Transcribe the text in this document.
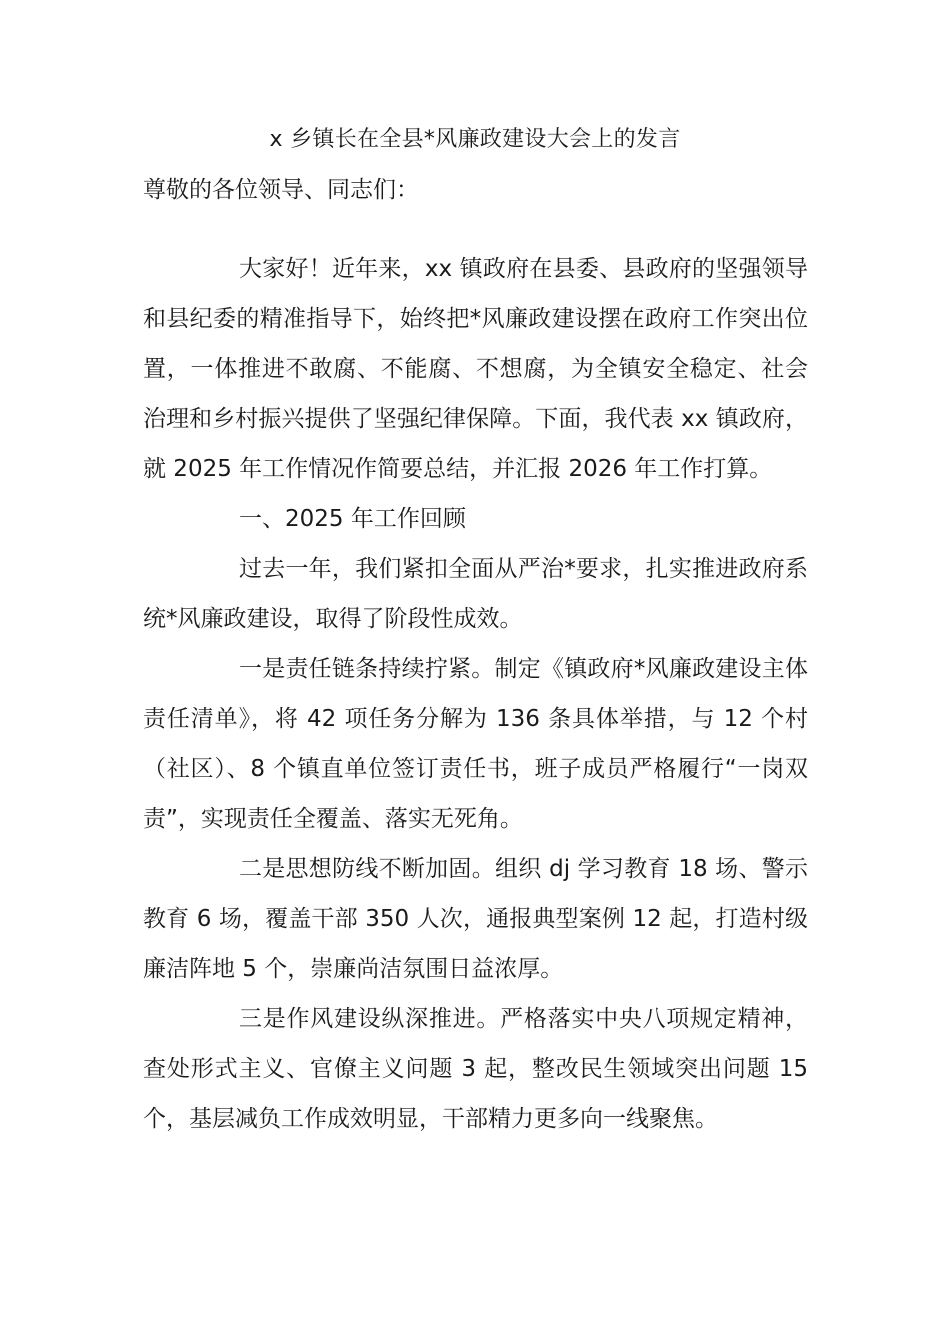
x 乡镇长在全县*风廉政建设大会上的发言
尊敬的各位领导、同志们：

大家好！近年来，xx 镇政府在县委、县政府的坚强领导和县纪委的精准指导下，始终把*风廉政建设摆在政府工作突出位置，一体推进不敢腐、不能腐、不想腐，为全镇安全稳定、社会治理和乡村振兴提供了坚强纪律保障。下面，我代表 xx 镇政府，就 2025 年工作情况作简要总结，并汇报 2026 年工作打算。

一、2025 年工作回顾

过去一年，我们紧扣全面从严治*要求，扎实推进政府系统*风廉政建设，取得了阶段性成效。

一是责任链条持续拧紧。制定《镇政府*风廉政建设主体责任清单》，将 42 项任务分解为 136 条具体举措，与 12 个村（社区）、8 个镇直单位签订责任书，班子成员严格履行“一岗双责”，实现责任全覆盖、落实无死角。

二是思想防线不断加固。组织 dj 学习教育 18 场、警示教育 6 场，覆盖干部 350 人次，通报典型案例 12 起，打造村级廉洁阵地 5 个，崇廉尚洁氛围日益浓厚。

三是作风建设纵深推进。严格落实中央八项规定精神，查处形式主义、官僚主义问题 3 起，整改民生领域突出问题 15 个，基层减负工作成效明显，干部精力更多向一线聚焦。
